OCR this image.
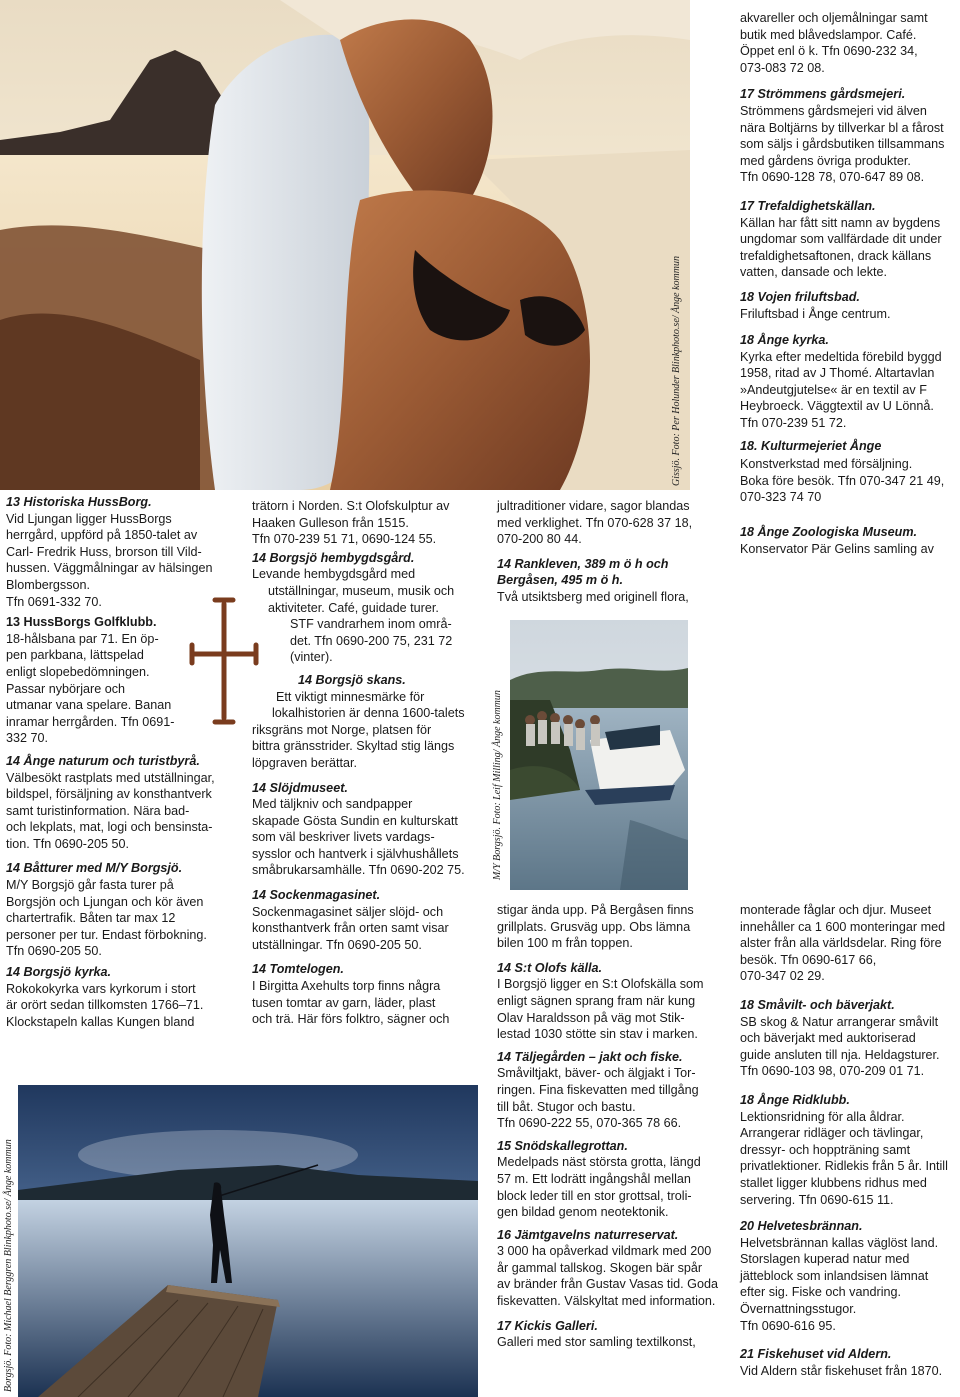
Gissjö. Foto: Per Holunder Blinkphoto.se/ Ånge kommun
M/Y Borgsjö. Foto: Leif Milling/ Ånge kommun
Borgsjö. Foto: Michael Berggren Blinkphoto.se/ Ånge kommun

13 Historiska HussBorg.

Vid Ljungan ligger HussBorgs

herrgård, uppförd på 1850-talet av

Carl- Fredrik Huss, brorson till Vild-

hussen. Väggmålningar av hälsingen

Blombergsson.

Tfn 0691-332 70.

13 HussBorgs Golfklubb.

18-hålsbana par 71. En öp-

pen parkbana, lättspelad

enligt slopebedömningen.

Passar nybörjare och

utmanar vana spelare. Banan

inramar herrgården. Tfn 0691-

332 70.

14 Ånge naturum och turistbyrå.

Välbesökt rastplats med utställningar,

bildspel, försäljning av konsthantverk

samt turistinformation. Nära bad-

och lekplats, mat, logi och bensinsta-

tion. Tfn 0690-205 50.

14 Båtturer med M/Y Borgsjö.

M/Y Borgsjö går fasta turer på

Borgsjön och Ljungan och kör även

chartertrafik. Båten tar max 12

personer per tur. Endast förbokning.

Tfn 0690-205 50.

14 Borgsjö kyrka.

Rokokokyrka vars kyrkorum i stort

är orört sedan tillkomsten 1766–71.

Klockstapeln kallas Kungen bland

trätorn i Norden. S:t Olofskulptur av

Haaken Gulleson från 1515.

Tfn 070-239 51 71, 0690-124 55.

14 Borgsjö hembygdsgård.

Levande hembygdsgård med

utställningar, museum, musik och

aktiviteter. Café, guidade turer.

STF vandrarhem inom områ-

det. Tfn 0690-200 75, 231 72

(vinter).

14 Borgsjö skans.

Ett viktigt minnesmärke för

lokalhistorien är denna 1600-talets

riksgräns mot Norge, platsen för

bittra gränsstrider. Skyltad stig längs

löpgraven berättar.

14 Slöjdmuseet.

Med täljkniv och sandpapper

skapade Gösta Sundin en kulturskatt

som väl beskriver livets vardags-

sysslor och hantverk i självhushållets

småbrukarsamhälle. Tfn 0690-202 75.

14 Sockenmagasinet.

Sockenmagasinet säljer slöjd- och

konsthantverk från orten samt visar

utställningar. Tfn 0690-205 50.

14 Tomtelogen.

I Birgitta Axehults torp finns några

tusen tomtar av garn, läder, plast

och trä. Här förs folktro, sägner och

jultraditioner vidare, sagor blandas

med verklighet. Tfn 070-628 37 18,

070-200 80 44.

14 Rankleven, 389 m ö h och

Bergåsen, 495 m ö h.

Två utsiktsberg med originell flora,

stigar ända upp. På Bergåsen finns

grillplats. Grusväg upp. Obs lämna

bilen 100 m från toppen.

14 S:t Olofs källa.

I Borgsjö ligger en S:t Olofskälla som

enligt sägnen sprang fram när kung

Olav Haraldsson på väg mot Stik-

lestad 1030 stötte sin stav i marken.

14 Täljegården – jakt och fiske.

Småviltjakt, bäver- och älgjakt i Tor-

ringen. Fina fiskevatten med tillgång

till båt. Stugor och bastu.

Tfn 0690-222 55, 070-365 78 66.

15 Snödskallegrottan.

Medelpads näst största grotta, längd

57 m. Ett lodrätt ingångshål mellan

block leder till en stor grottsal, troli-

gen bildad genom neotektonik.

16 Jämtgavelns naturreservat.

3 000 ha opåverkad vildmark med 200

år gammal tallskog. Skogen bär spår

av bränder från Gustav Vasas tid. Goda

fiskevatten. Välskyltat med information.

17 Kickis Galleri.

Galleri med stor samling textilkonst,

akvareller och oljemålningar samt

butik med blåvedslampor. Café.

Öppet enl ö k. Tfn 0690-232 34,

073-083 72 08.

17 Strömmens gårdsmejeri.

Strömmens gårdsmejeri vid älven

nära Boltjärns by tillverkar bl a fårost

som säljs i gårdsbutiken tillsammans

med gårdens övriga produkter.

Tfn 0690-128 78, 070-647 89 08.

17 Trefaldighetskällan.

Källan har fått sitt namn av bygdens

ungdomar som vallfärdade dit under

trefaldighetsaftonen, drack källans

vatten, dansade och lekte.

18 Vojen friluftsbad.

Friluftsbad i Ånge centrum.

18 Ånge kyrka.

Kyrka efter medeltida förebild byggd

1958, ritad av J Thomé. Altartavlan

»Andeutgjutelse« är en textil av F

Heybroeck. Väggtextil av U Lönnå.

Tfn 070-239 51 72.

18. Kulturmejeriet Ånge

Konstverkstad med försäljning.

Boka före besök. Tfn 070-347 21 49,

070-323 74 70

18 Ånge Zoologiska Museum.

Konservator Pär Gelins samling av

monterade fåglar och djur. Museet

innehåller ca 1 600 monteringar med

alster från alla världsdelar. Ring före

besök. Tfn 0690-617 66,

070-347 02 29.

18 Småvilt- och bäverjakt.

SB skog & Natur arrangerar småvilt

och bäverjakt med auktoriserad

guide ansluten till nja. Heldagsturer.

Tfn 0690-103 98, 070-209 01 71.

18 Ånge Ridklubb.

Lektionsridning för alla åldrar.

Arrangerar ridläger och tävlingar,

dressyr- och hoppträning samt

privatlektioner. Ridlekis från 5 år. Intill

stallet ligger klubbens ridhus med

servering. Tfn 0690-615 11.

20 Helvetesbrännan.

Helvetsbrännan kallas väglöst land.

Storslagen kuperad natur med

jätteblock som inlandsisen lämnat

efter sig. Fiske och vandring.

Övernattningsstugor.

Tfn 0690-616 95.

21 Fiskehuset vid Aldern.

Vid Aldern står fiskehuset från 1870.
